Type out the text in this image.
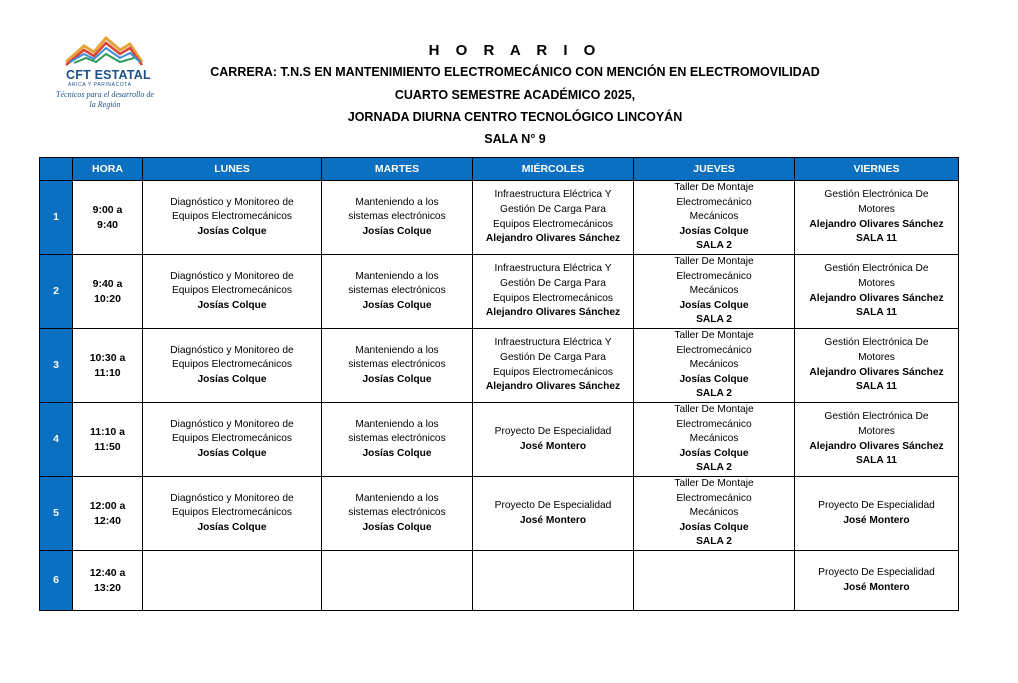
CFT ESTATAL
ARICA Y PARINACOTA
Técnicos para el desarrollo de la Región
H O R A R I O
CARRERA: T.N.S EN MANTENIMIENTO ELECTROMECÁNICO CON MENCIÓN EN ELECTROMOVILIDAD
CUARTO SEMESTRE ACADÉMICO 2025,
JORNADA DIURNA CENTRO TECNOLÓGICO LINCOYÁN
SALA N° 9
	HORA	LUNES	MARTES	MIÉRCOLES	JUEVES	VIERNES
1	9:00 a
9:40	Diagnóstico y Monitoreo de
Equipos Electromecánicos
Josías Colque	Manteniendo a los
sistemas electrónicos
Josías Colque	Infraestructura Eléctrica Y
Gestión De Carga Para
Equipos Electromecánicos
Alejandro Olivares Sánchez	Taller De Montaje
Electromecánico
Mecánicos
Josías Colque
SALA 2	Gestión Electrónica De
Motores
Alejandro Olivares Sánchez
SALA 11

2	9:40 a
10:20	Diagnóstico y Monitoreo de
Equipos Electromecánicos
Josías Colque	Manteniendo a los
sistemas electrónicos
Josías Colque	Infraestructura Eléctrica Y
Gestión De Carga Para
Equipos Electromecánicos
Alejandro Olivares Sánchez	Taller De Montaje
Electromecánico
Mecánicos
Josías Colque
SALA 2	Gestión Electrónica De
Motores
Alejandro Olivares Sánchez
SALA 11

3	10:30 a
11:10	Diagnóstico y Monitoreo de
Equipos Electromecánicos
Josías Colque	Manteniendo a los
sistemas electrónicos
Josías Colque	Infraestructura Eléctrica Y
Gestión De Carga Para
Equipos Electromecánicos
Alejandro Olivares Sánchez	Taller De Montaje
Electromecánico
Mecánicos
Josías Colque
SALA 2	Gestión Electrónica De
Motores
Alejandro Olivares Sánchez
SALA 11

4	11:10 a
11:50	Diagnóstico y Monitoreo de
Equipos Electromecánicos
Josías Colque	Manteniendo a los
sistemas electrónicos
Josías Colque	Proyecto De Especialidad
José Montero	Taller De Montaje
Electromecánico
Mecánicos
Josías Colque
SALA 2	Gestión Electrónica De
Motores
Alejandro Olivares Sánchez
SALA 11

5	12:00 a
12:40	Diagnóstico y Monitoreo de
Equipos Electromecánicos
Josías Colque	Manteniendo a los
sistemas electrónicos
Josías Colque	Proyecto De Especialidad
José Montero	Taller De Montaje
Electromecánico
Mecánicos
Josías Colque
SALA 2	Proyecto De Especialidad
José Montero

6	12:40 a
13:20					Proyecto De Especialidad
José Montero
